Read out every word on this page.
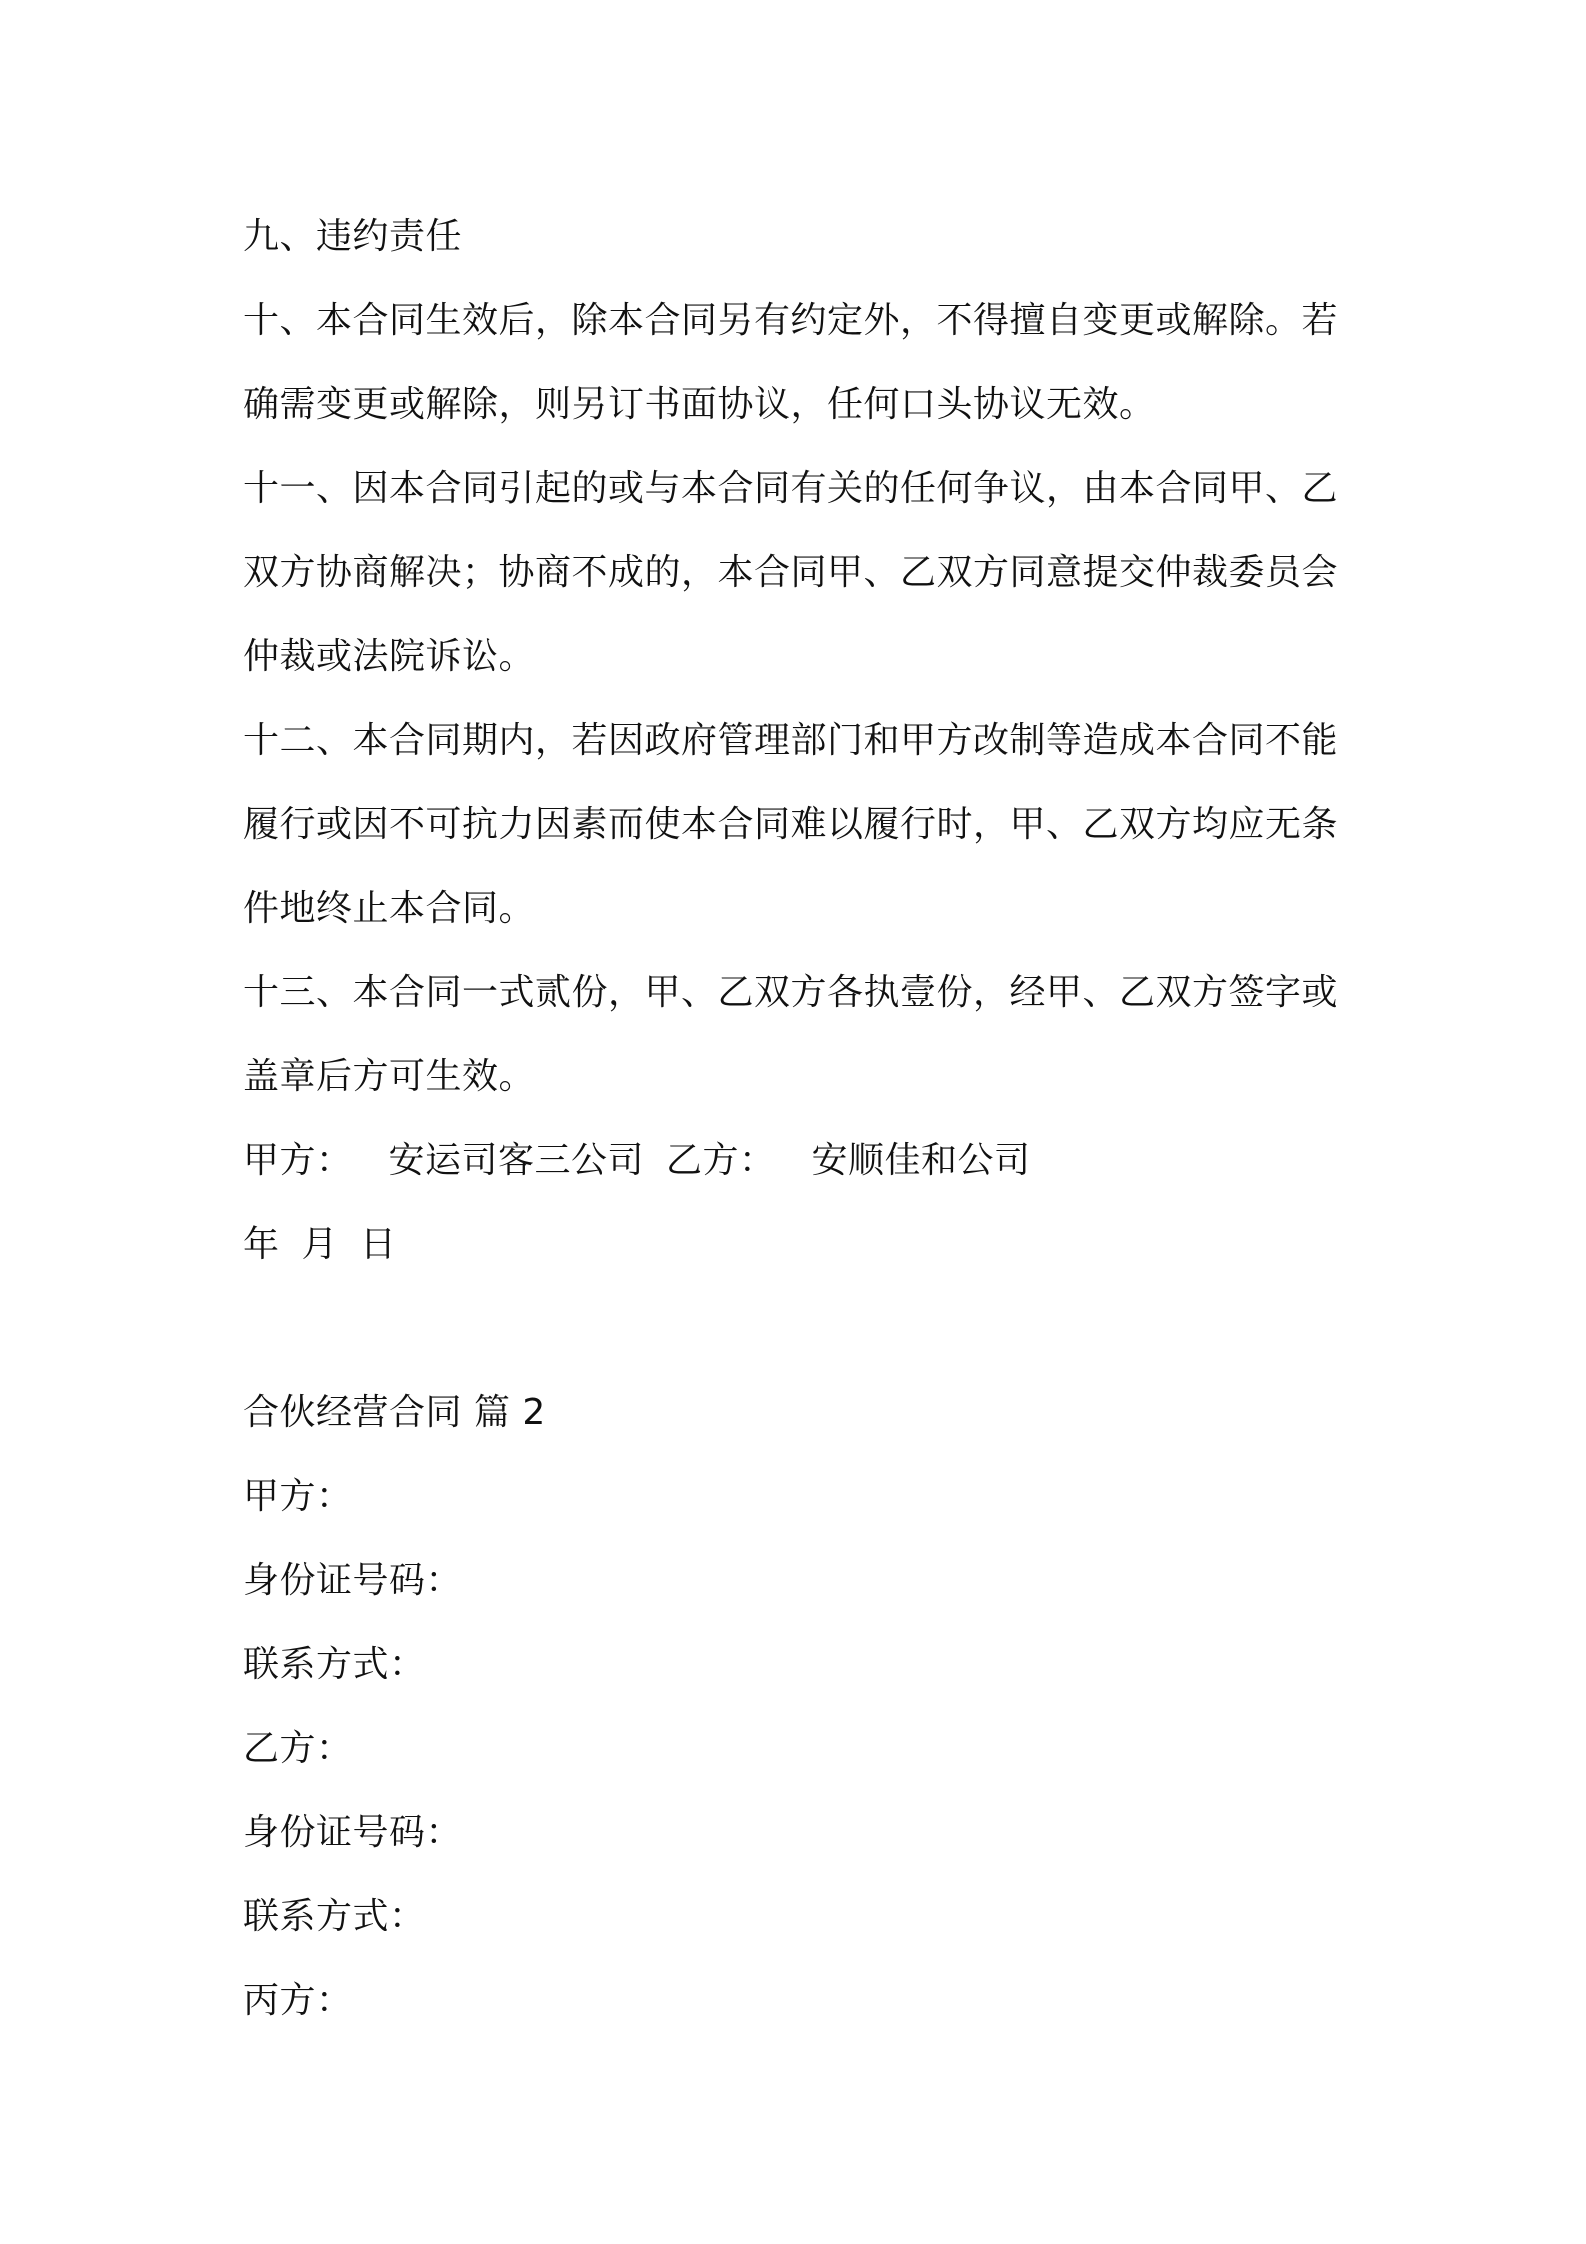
九、违约责任

十、本合同生效后，除本合同另有约定外，不得擅自变更或解除。若

确需变更或解除，则另订书面协议，任何口头协议无效。

十一、因本合同引起的或与本合同有关的任何争议，由本合同甲、乙

双方协商解决；协商不成的，本合同甲、乙双方同意提交仲裁委员会

仲裁或法院诉讼。

十二、本合同期内，若因政府管理部门和甲方改制等造成本合同不能

履行或因不可抗力因素而使本合同难以履行时，甲、乙双方均应无条

件地终止本合同。

十三、本合同一式贰份，甲、乙双方各执壹份，经甲、乙双方签字或

盖章后方可生效。

甲方： 安运司客三公司 乙方： 安顺佳和公司

年 月 日

合伙经营合同 篇 2

甲方：

身份证号码：

联系方式：

乙方：

身份证号码：

联系方式：

丙方：
